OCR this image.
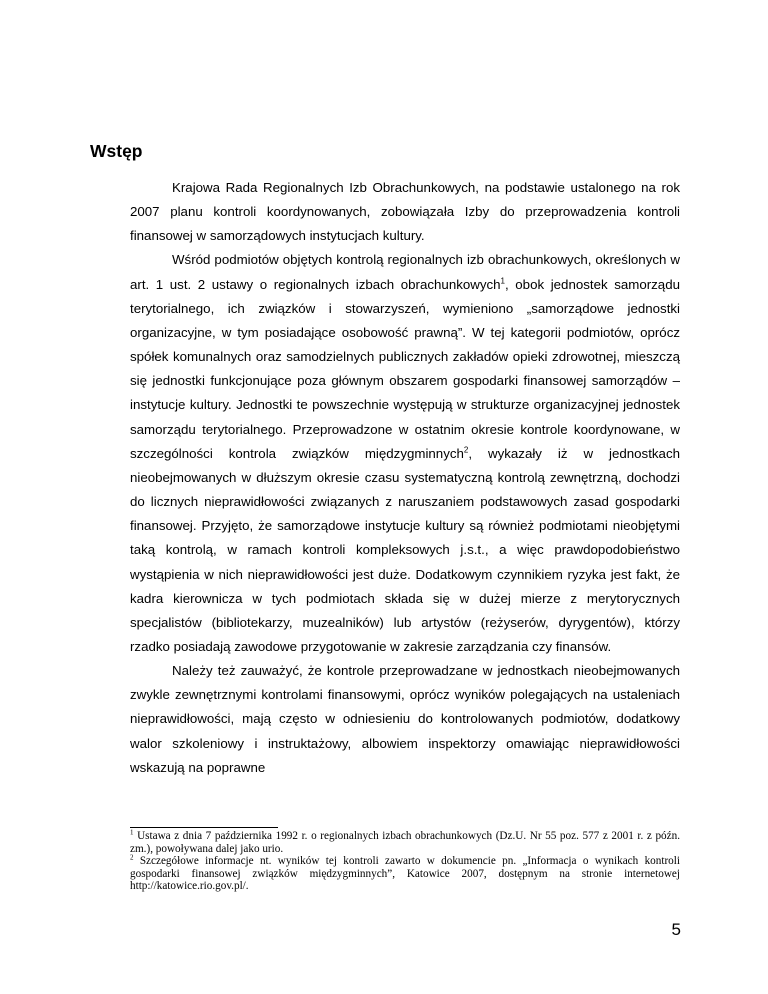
Wstęp

Krajowa Rada Regionalnych Izb Obrachunkowych, na podstawie ustalonego na rok 2007 planu kontroli koordynowanych, zobowiązała Izby do przeprowadzenia kontroli finansowej w samorządowych instytucjach kultury.

Wśród podmiotów objętych kontrolą regionalnych izb obrachunkowych, określonych w art. 1 ust. 2 ustawy o regionalnych izbach obrachunkowych$^1$, obok jednostek samorządu terytorialnego, ich związków i stowarzyszeń, wymieniono „samorządowe jednostki organizacyjne, w tym posiadające osobowość prawną”. W tej kategorii podmiotów, oprócz spółek komunalnych oraz samodzielnych publicznych zakładów opieki zdrowotnej, mieszczą się jednostki funkcjonujące poza głównym obszarem gospodarki finansowej samorządów – instytucje kultury. Jednostki te powszechnie występują w strukturze organizacyjnej jednostek samorządu terytorialnego. Przeprowadzone w ostatnim okresie kontrole koordynowane, w szczególności kontrola związków międzygminnych$^2$, wykazały iż w jednostkach nieobejmowanych w dłuższym okresie czasu systematyczną kontrolą zewnętrzną, dochodzi do licznych nieprawidłowości związanych z naruszaniem podstawowych zasad gospodarki finansowej. Przyjęto, że samorządowe instytucje kultury są również podmiotami nieobjętymi taką kontrolą, w ramach kontroli kompleksowych j.s.t., a więc prawdopodobieństwo wystąpienia w nich nieprawidłowości jest duże. Dodatkowym czynnikiem ryzyka jest fakt, że kadra kierownicza w tych podmiotach składa się w dużej mierze z merytorycznych specjalistów (bibliotekarzy, muzealników) lub artystów (reżyserów, dyrygentów), którzy rzadko posiadają zawodowe przygotowanie w zakresie zarządzania czy finansów.

Należy też zauważyć, że kontrole przeprowadzane w jednostkach nieobejmowanych zwykle zewnętrznymi kontrolami finansowymi, oprócz wyników polegających na ustaleniach nieprawidłowości, mają często w odniesieniu do kontrolowanych podmiotów, dodatkowy walor szkoleniowy i instruktażowy, albowiem inspektorzy omawiając nieprawidłowości wskazują na poprawne

$^1$ Ustawa z dnia 7 października 1992 r. o regionalnych izbach obrachunkowych (Dz.U. Nr 55 poz. 577 z 2001 r. z późn. zm.), powoływana dalej jako urio.

$^2$ Szczegółowe informacje nt. wyników tej kontroli zawarto w dokumencie pn. „Informacja o wynikach kontroli gospodarki finansowej związków międzygminnych”, Katowice 2007, dostępnym na stronie internetowej http://katowice.rio.gov.pl/.

5
